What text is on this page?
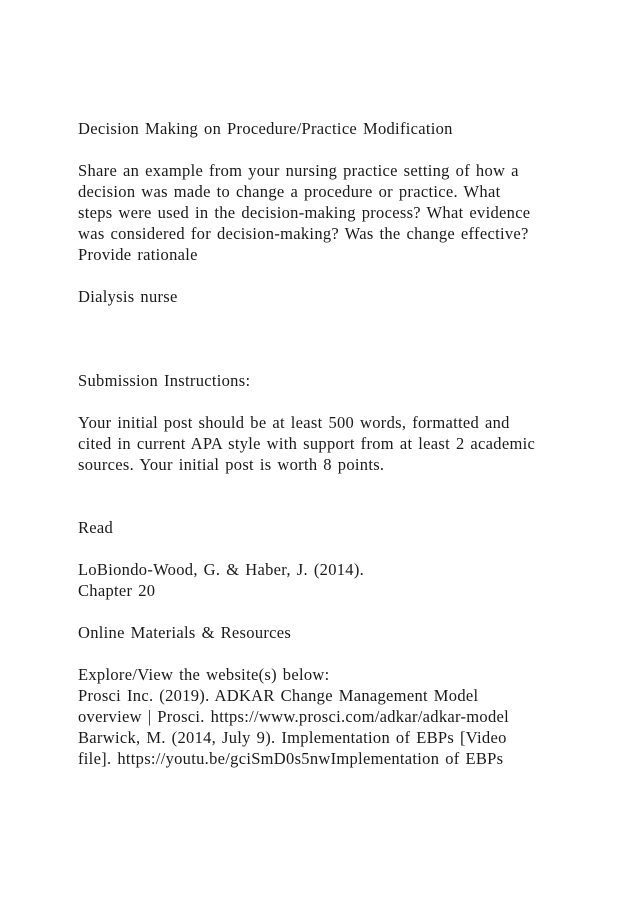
Decision Making on Procedure/Practice Modification
Share an example from your nursing practice setting of how a
decision was made to change a procedure or practice. What
steps were used in the decision-making process? What evidence
was considered for decision-making? Was the change effective?
Provide rationale
Dialysis nurse
Submission Instructions:
Your initial post should be at least 500 words, formatted and
cited in current APA style with support from at least 2 academic
sources. Your initial post is worth 8 points.
Read
LoBiondo-Wood, G. & Haber, J. (2014).
Chapter 20
Online Materials & Resources
Explore/View the website(s) below:
Prosci Inc. (2019). ADKAR Change Management Model
overview | Prosci. https://www.prosci.com/adkar/adkar-model
Barwick, M. (2014, July 9). Implementation of EBPs [Video
file]. https://youtu.be/gciSmD0s5nwImplementation of EBPs
